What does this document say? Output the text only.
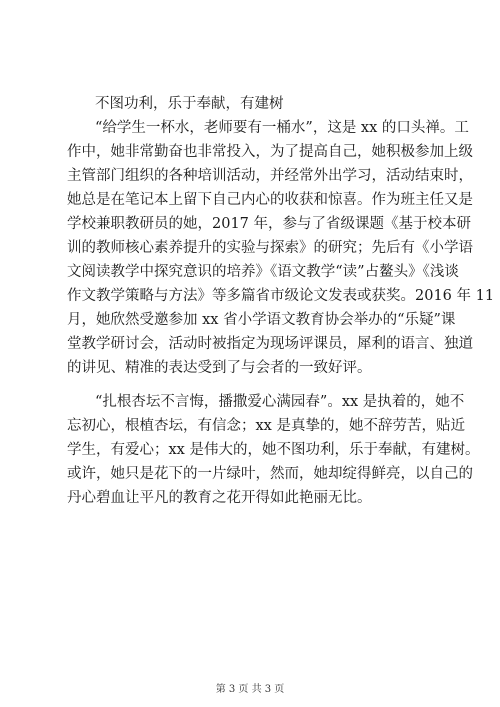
不图功利，乐于奉献，有建树
“给学生一杯水，老师要有一桶水”，这是 xx 的口头禅。工
作中，她非常勤奋也非常投入，为了提高自己，她积极参加上级
主管部门组织的各种培训活动，并经常外出学习，活动结束时，
她总是在笔记本上留下自己内心的收获和惊喜。作为班主任又是
学校兼职教研员的她，2017 年，参与了省级课题《基于校本研
训的教师核心素养提升的实验与探索》的研究；先后有《小学语
文阅读教学中探究意识的培养》《语文教学“读”占鳌头》《浅谈
作文教学策略与方法》等多篇省市级论文发表或获奖。2016 年 11
月，她欣然受邀参加 xx 省小学语文教育协会举办的“乐疑”课
堂教学研讨会，活动时被指定为现场评课员，犀利的语言、独道
的讲见、精准的表达受到了与会者的一致好评。
“扎根杏坛不言悔，播撒爱心满园春”。xx 是执着的，她不
忘初心，根植杏坛，有信念；xx 是真挚的，她不辞劳苦，贴近
学生，有爱心；xx 是伟大的，她不图功利，乐于奉献，有建树。
或许，她只是花下的一片绿叶，然而，她却绽得鲜亮，以自己的
丹心碧血让平凡的教育之花开得如此艳丽无比。
第 3 页 共 3 页
